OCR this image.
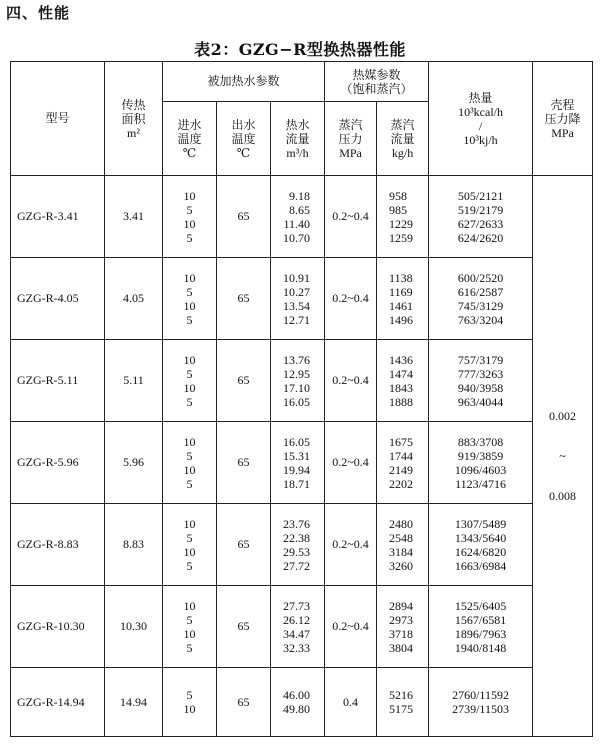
四、性能
表2：GZG−R型换热器性能
型号	传热
面积
m²	被加热水参数			热媒参数
（饱和蒸汽）		热量
10³kcal/h
/
10³kj/h	壳程
压力降
MPa

		进水
温度
℃	出水
温度
℃	热水
流量
m³/h	蒸汽
压力
MPa	蒸汽
流量
kg/h		

GZG-R-3.41	3.41	10
5
10
5	65	9.18
8.65
11.40
10.70	0.2~0.4	958
985
1229
1259	505/2121
519/2179
627/2633
624/2620	0.002
~
0.008

GZG-R-4.05	4.05	10
5
10
5	65	10.91
10.27
13.54
12.71	0.2~0.4	1138
1169
1461
1496	600/2520
616/2587
745/3129
763/3204	

GZG-R-5.11	5.11	10
5
10
5	65	13.76
12.95
17.10
16.05	0.2~0.4	1436
1474
1843
1888	757/3179
777/3263
940/3958
963/4044	

GZG-R-5.96	5.96	10
5
10
5	65	16.05
15.31
19.94
18.71	0.2~0.4	1675
1744
2149
2202	883/3708
919/3859
1096/4603
1123/4716	

GZG-R-8.83	8.83	10
5
10
5	65	23.76
22.38
29.53
27.72	0.2~0.4	2480
2548
3184
3260	1307/5489
1343/5640
1624/6820
1663/6984	

GZG-R-10.30	10.30	10
5
10
5	65	27.73
26.12
34.47
32.33	0.2~0.4	2894
2973
3718
3804	1525/6405
1567/6581
1896/7963
1940/8148	

GZG-R-14.94	14.94	5
10	65	46.00
49.80	0.4	5216
5175	2760/11592
2739/11503	
